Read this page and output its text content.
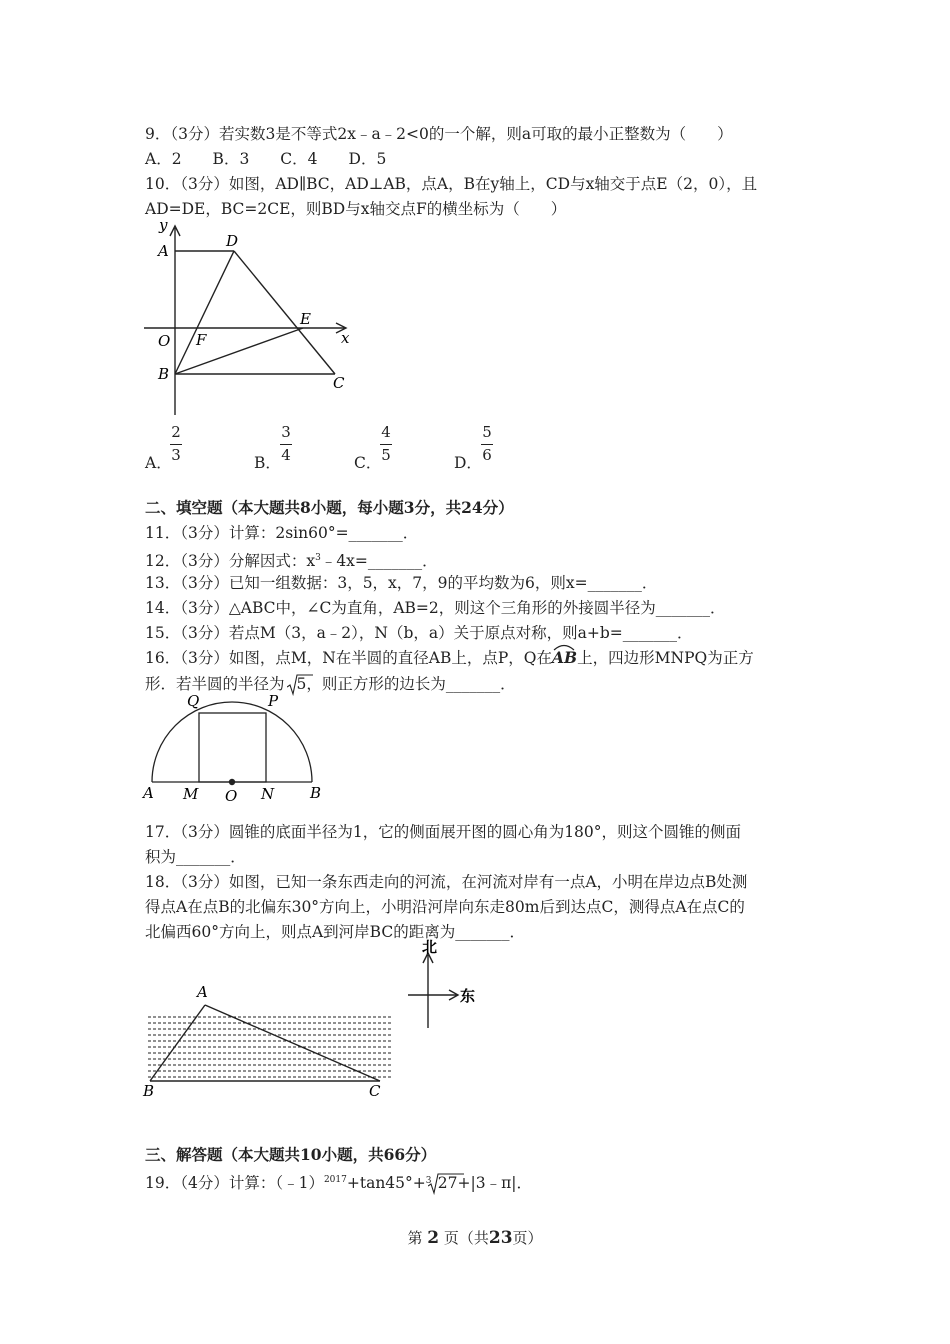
9．（3分）若实数3是不等式2x﹣a﹣2<0的一个解，则a可取的最小正整数为（　　）
A．2　　B．3　　C．4　　D．5
10．（3分）如图，AD∥BC，AD⊥AB，点A，B在y轴上，CD与x轴交于点E（2，0），且
AD=DE，BC=2CE，则BD与x轴交点F的横坐标为（　　）
y
A
D
O F
E
x
B	C
A．
2
3	B．
3
4	C．
4
5	D．
5
6
二、填空题（本大题共8小题，每小题3分，共24分）
11．（3分）计算：2sin60°=_______．
12．（3分）分解因式：$x^3﹣4x=\_\_\_\_\_\_\_$．
13．（3分）已知一组数据：3，5，x，7，9的平均数为6，则x=_______．
14．（3分）△ABC中，∠C为直角，AB=2，则这个三角形的外接圆半径为_______．
15．（3分）若点M（3，a﹣2），N（b，a）关于原点对称，则a+b=_______．
16．（3分）如图，点M，N在半圆的直径AB上，点P，Q在
AB上，四边形MNPQ为正方
形．若半圆的半径为 5，则正方形的边长为_______．
Q	P
A M O N B
17．（3分）圆锥的底面半径为1，它的侧面展开图的圆心角为180°，则这个圆锥的侧面
积为_______．
18．（3分）如图，已知一条东西走向的河流，在河流对岸有一点A，小明在岸边点B处测
得点A在点B的北偏东30°方向上，小明沿河岸向东走80m后到达点C，测得点A在点C的
北偏西60°方向上，则点A到河岸BC的距离为_______．
A
B	C
北
东
三、解答题（本大题共10小题，共66分）
19．（4分）计算：（﹣1）$^{2017}$+tan45°+ 3 27+|3﹣π|．
第 2 页（共23页）
